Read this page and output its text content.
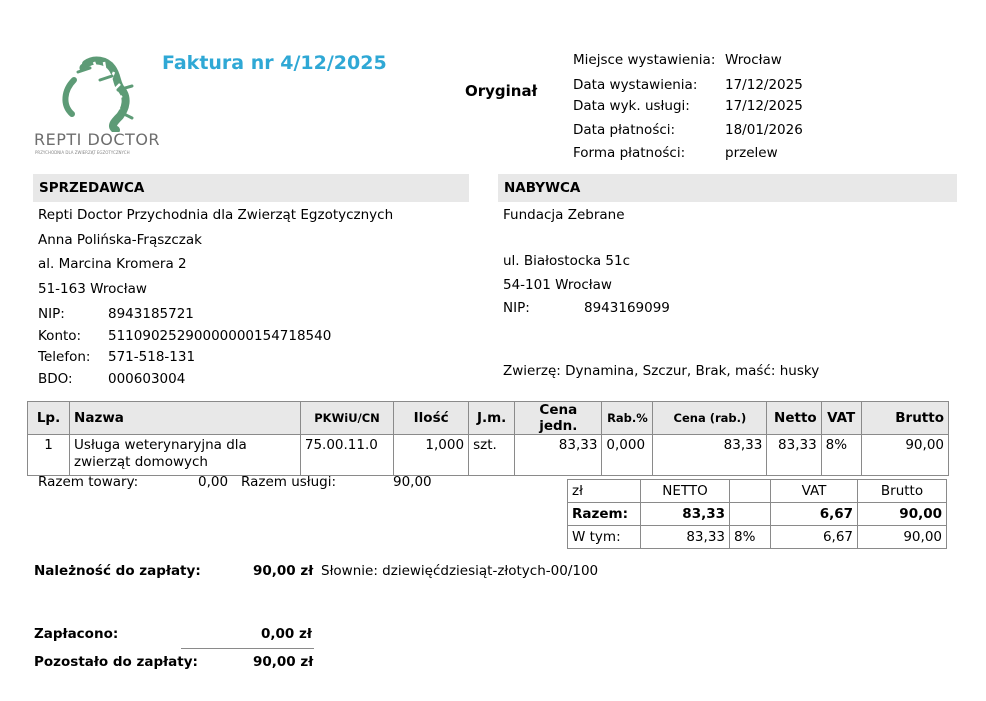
REPTI DOCTOR
PRZYCHODNIA DLA ZWIERZĄT EGZOTYCZNYCH
Faktura nr 4/12/2025
Oryginał
Miejsce wystawienia: Wrocław
Data wystawienia: 17/12/2025
Data wyk. usługi:	17/12/2025
Data płatności:	18/01/2026
Forma płatności:	przelew
SPRZEDAWCA
Repti Doctor Przychodnia dla Zwierząt Egzotycznych
Anna Polińska-Frąszczak
al. Marcina Kromera 2
51-163 Wrocław
NIP:	8943185721
Konto: 51109025290000000154718540
Telefon: 571-518-131
BDO:	000603004
NABYWCA
Fundacja Zebrane
ul. Białostocka 51c
54-101 Wrocław
NIP:	8943169099
Zwierzę: Dynamina, Szczur, Brak, maść: husky
Lp.	Nazwa	PKWiU/CN	Ilość	J.m.	Cena jedn.	Rab.%	Cena (rab.)	Netto	VAT	Brutto
1	Usługa weterynaryjna dla zwierząt domowych	75.00.11.0	1,000	szt.	83,33	0,000	83,33	83,33	8%	90,00
Razem towary:	0,00 Razem usługi:	90,00
zł	NETTO		VAT	Brutto
Razem:	83,33		6,67	90,00
W tym:	83,33	8%	6,67	90,00
Należność do zapłaty:	90,00 zł Słownie: dziewięćdziesiąt-złotych-00/100
Zapłacono:	0,00 zł
Pozostało do zapłaty:	90,00 zł
